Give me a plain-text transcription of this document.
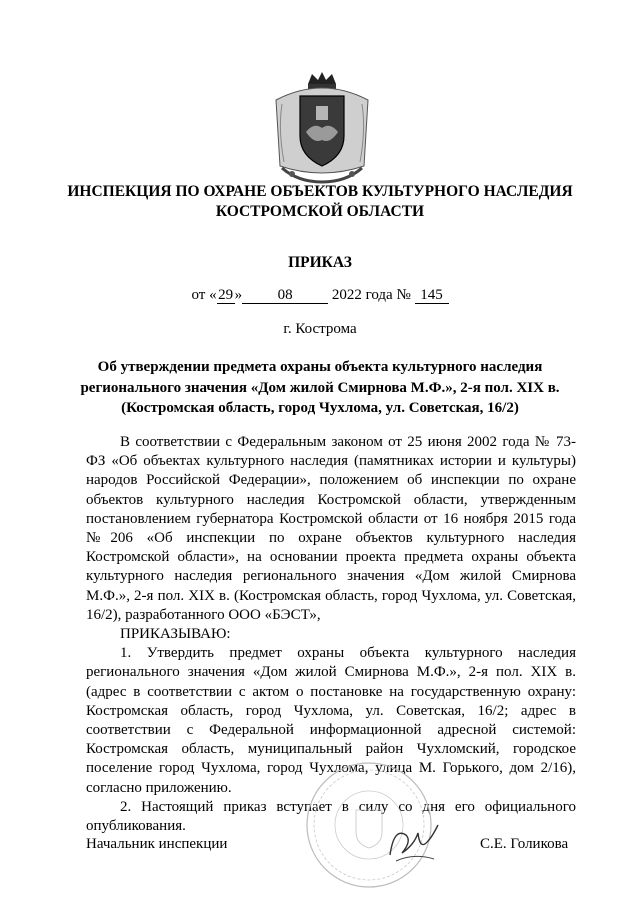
ИНСПЕКЦИЯ ПО ОХРАНЕ ОБЪЕКТОВ КУЛЬТУРНОГО НАСЛЕДИЯ КОСТРОМСКОЙ ОБЛАСТИ
ПРИКАЗ
от « 29 » 08	2022 года № 145
г. Кострома
Об утверждении предмета охраны объекта культурного наследия регионального значения «Дом жилой Смирнова М.Ф.», 2-я пол. XIX в. (Костромская область, город Чухлома, ул. Советская, 16/2)

В соответствии с Федеральным законом от 25 июня 2002 года № 73-ФЗ «Об объектах культурного наследия (памятниках истории и культуры) народов Российской Федерации», положением об инспекции по охране объектов культурного наследия Костромской области, утвержденным постановлением губернатора Костромской области от 16 ноября 2015 года №206 «Об инспекции по охране объектов культурного наследия Костромской области», на основании проекта предмета охраны объекта культурного наследия регионального значения «Дом жилой Смирнова М.Ф.», 2-я пол. XIX в. (Костромская область, город Чухлома, ул. Советская, 16/2), разработанного ООО «БЭСТ»,

ПРИКАЗЫВАЮ:

1. Утвердить предмет охраны объекта культурного наследия регионального значения «Дом жилой Смирнова М.Ф.», 2-я пол. XIX в. (адрес в соответствии с актом о постановке на государственную охрану: Костромская область, город Чухлома, ул. Советская, 16/2; адрес в соответствии с Федеральной информационной адресной системой: Костромская область, муниципальный район Чухломский, городское поселение город Чухлома, город Чухлома, улица М. Горького, дом 2/16), согласно приложению.

2. Настоящий приказ вступает в силу со дня его официального опубликования.

Начальник инспекции	С.Е. Голикова
